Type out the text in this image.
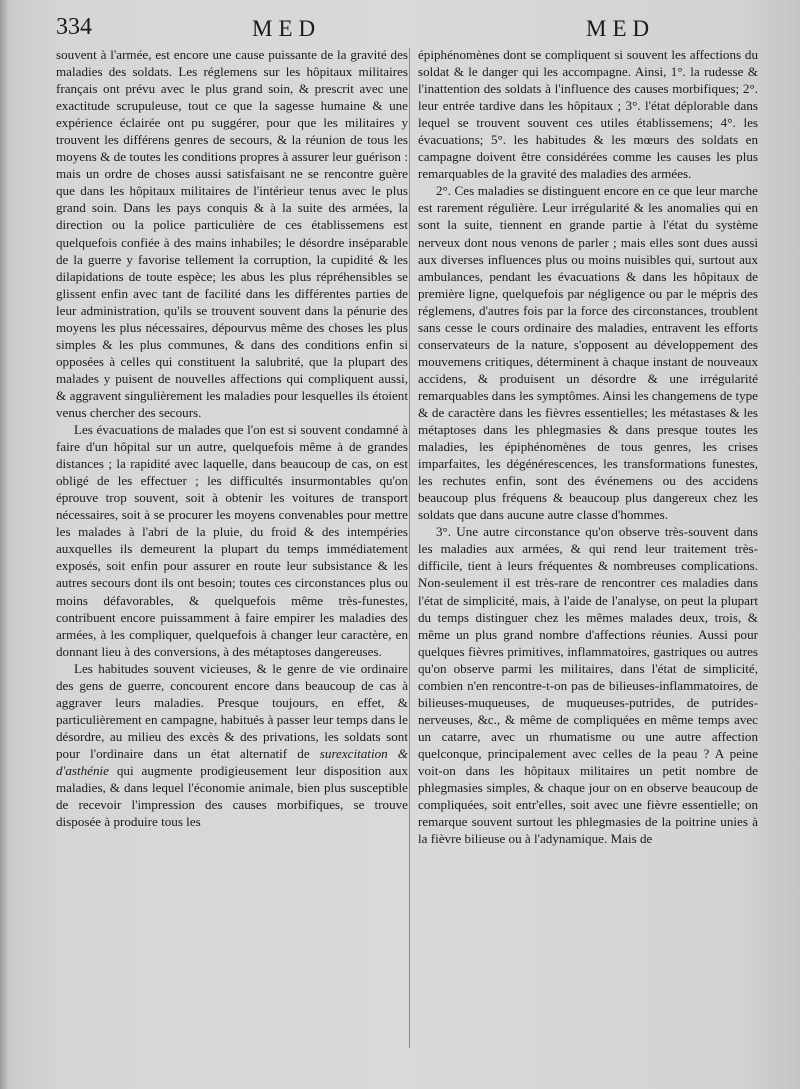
334	MED	MED

souvent à l'armée, est encore une cause puissante de la gravité des maladies des soldats. Les réglemens sur les hôpitaux militaires français ont prévu avec le plus grand soin, & prescrit avec une exactitude scrupuleuse, tout ce que la sagesse humaine & une expérience éclairée ont pu suggérer, pour que les militaires y trouvent les différens genres de secours, & la réunion de tous les moyens & de toutes les conditions propres à assurer leur guérison : mais un ordre de choses aussi satisfaisant ne se rencontre guère que dans les hôpitaux militaires de l'intérieur tenus avec le plus grand soin. Dans les pays conquis & à la suite des armées, la direction ou la police particulière de ces établissemens est quelquefois confiée à des mains inhabiles; le désordre inséparable de la guerre y favorise tellement la corruption, la cupidité & les dilapidations de toute espèce; les abus les plus répréhensibles se glissent enfin avec tant de facilité dans les différentes parties de leur administration, qu'ils se trouvent souvent dans la pénurie des moyens les plus nécessaires, dépourvus même des choses les plus simples & les plus communes, & dans des conditions enfin si opposées à celles qui constituent la salubrité, que la plupart des malades y puisent de nouvelles affections qui compliquent aussi, & aggravent singulièrement les maladies pour lesquelles ils étoient venus chercher des secours.

Les évacuations de malades que l'on est si souvent condamné à faire d'un hôpital sur un autre, quelquefois même à de grandes distances ; la rapidité avec laquelle, dans beaucoup de cas, on est obligé de les effectuer ; les difficultés insurmontables qu'on éprouve trop souvent, soit à obtenir les voitures de transport nécessaires, soit à se procurer les moyens convenables pour mettre les malades à l'abri de la pluie, du froid & des intempéries auxquelles ils demeurent la plupart du temps immédiatement exposés, soit enfin pour assurer en route leur subsistance & les autres secours dont ils ont besoin; toutes ces circonstances plus ou moins défavorables, & quelquefois même très-funestes, contribuent encore puissamment à faire empirer les maladies des armées, à les compliquer, quelquefois à changer leur caractère, en donnant lieu à des conversions, à des métaptoses dangereuses.

Les habitudes souvent vicieuses, & le genre de vie ordinaire des gens de guerre, concourent encore dans beaucoup de cas à aggraver leurs maladies. Presque toujours, en effet, & particulièrement en campagne, habitués à passer leur temps dans le désordre, au milieu des excès & des privations, les soldats sont pour l'ordinaire dans un état alternatif de surexcitation & d'asthénie qui augmente prodigieusement leur disposition aux maladies, & dans lequel l'économie animale, bien plus susceptible de recevoir l'impression des causes morbifiques, se trouve disposée à produire tous les

épiphénomènes dont se compliquent si souvent les affections du soldat & le danger qui les accompagne. Ainsi, 1°. la rudesse & l'inattention des soldats à l'influence des causes morbifiques; 2°. leur entrée tardive dans les hôpitaux ; 3°. l'état déplorable dans lequel se trouvent souvent ces utiles établissemens; 4°. les évacuations; 5°. les habitudes & les mœurs des soldats en campagne doivent être considérées comme les causes les plus remarquables de la gravité des maladies des armées.

2°. Ces maladies se distinguent encore en ce que leur marche est rarement régulière. Leur irrégularité & les anomalies qui en sont la suite, tiennent en grande partie à l'état du système nerveux dont nous venons de parler ; mais elles sont dues aussi aux diverses influences plus ou moins nuisibles qui, surtout aux ambulances, pendant les évacuations & dans les hôpitaux de première ligne, quelquefois par négligence ou par le mépris des réglemens, d'autres fois par la force des circonstances, troublent sans cesse le cours ordinaire des maladies, entravent les efforts conservateurs de la nature, s'opposent au développement des mouvemens critiques, déterminent à chaque instant de nouveaux accidens, & produisent un désordre & une irrégularité remarquables dans les symptômes. Ainsi les changemens de type & de caractère dans les fièvres essentielles; les métastases & les métaptoses dans les phlegmasies & dans presque toutes les maladies, les épiphénomènes de tous genres, les crises imparfaites, les dégénérescences, les transformations funestes, les rechutes enfin, sont des événemens ou des accidens beaucoup plus fréquens & beaucoup plus dangereux chez les soldats que dans aucune autre classe d'hommes.

3°. Une autre circonstance qu'on observe très-souvent dans les maladies aux armées, & qui rend leur traitement très-difficile, tient à leurs fréquentes & nombreuses complications. Non-seulement il est très-rare de rencontrer ces maladies dans l'état de simplicité, mais, à l'aide de l'analyse, on peut la plupart du temps distinguer chez les mêmes malades deux, trois, & même un plus grand nombre d'affections réunies. Aussi pour quelques fièvres primitives, inflammatoires, gastriques ou autres qu'on observe parmi les militaires, dans l'état de simplicité, combien n'en rencontre-t-on pas de bilieuses-inflammatoires, de bilieuses-muqueuses, de muqueuses-putrides, de putrides-nerveuses, &c., & même de compliquées en même temps avec un catarre, avec un rhumatisme ou une autre affection quelconque, principalement avec celles de la peau ? A peine voit-on dans les hôpitaux militaires un petit nombre de phlegmasies simples, & chaque jour on en observe beaucoup de compliquées, soit entr'elles, soit avec une fièvre essentielle; on remarque souvent surtout les phlegmasies de la poitrine unies à la fièvre bilieuse ou à l'adynamique. Mais de
